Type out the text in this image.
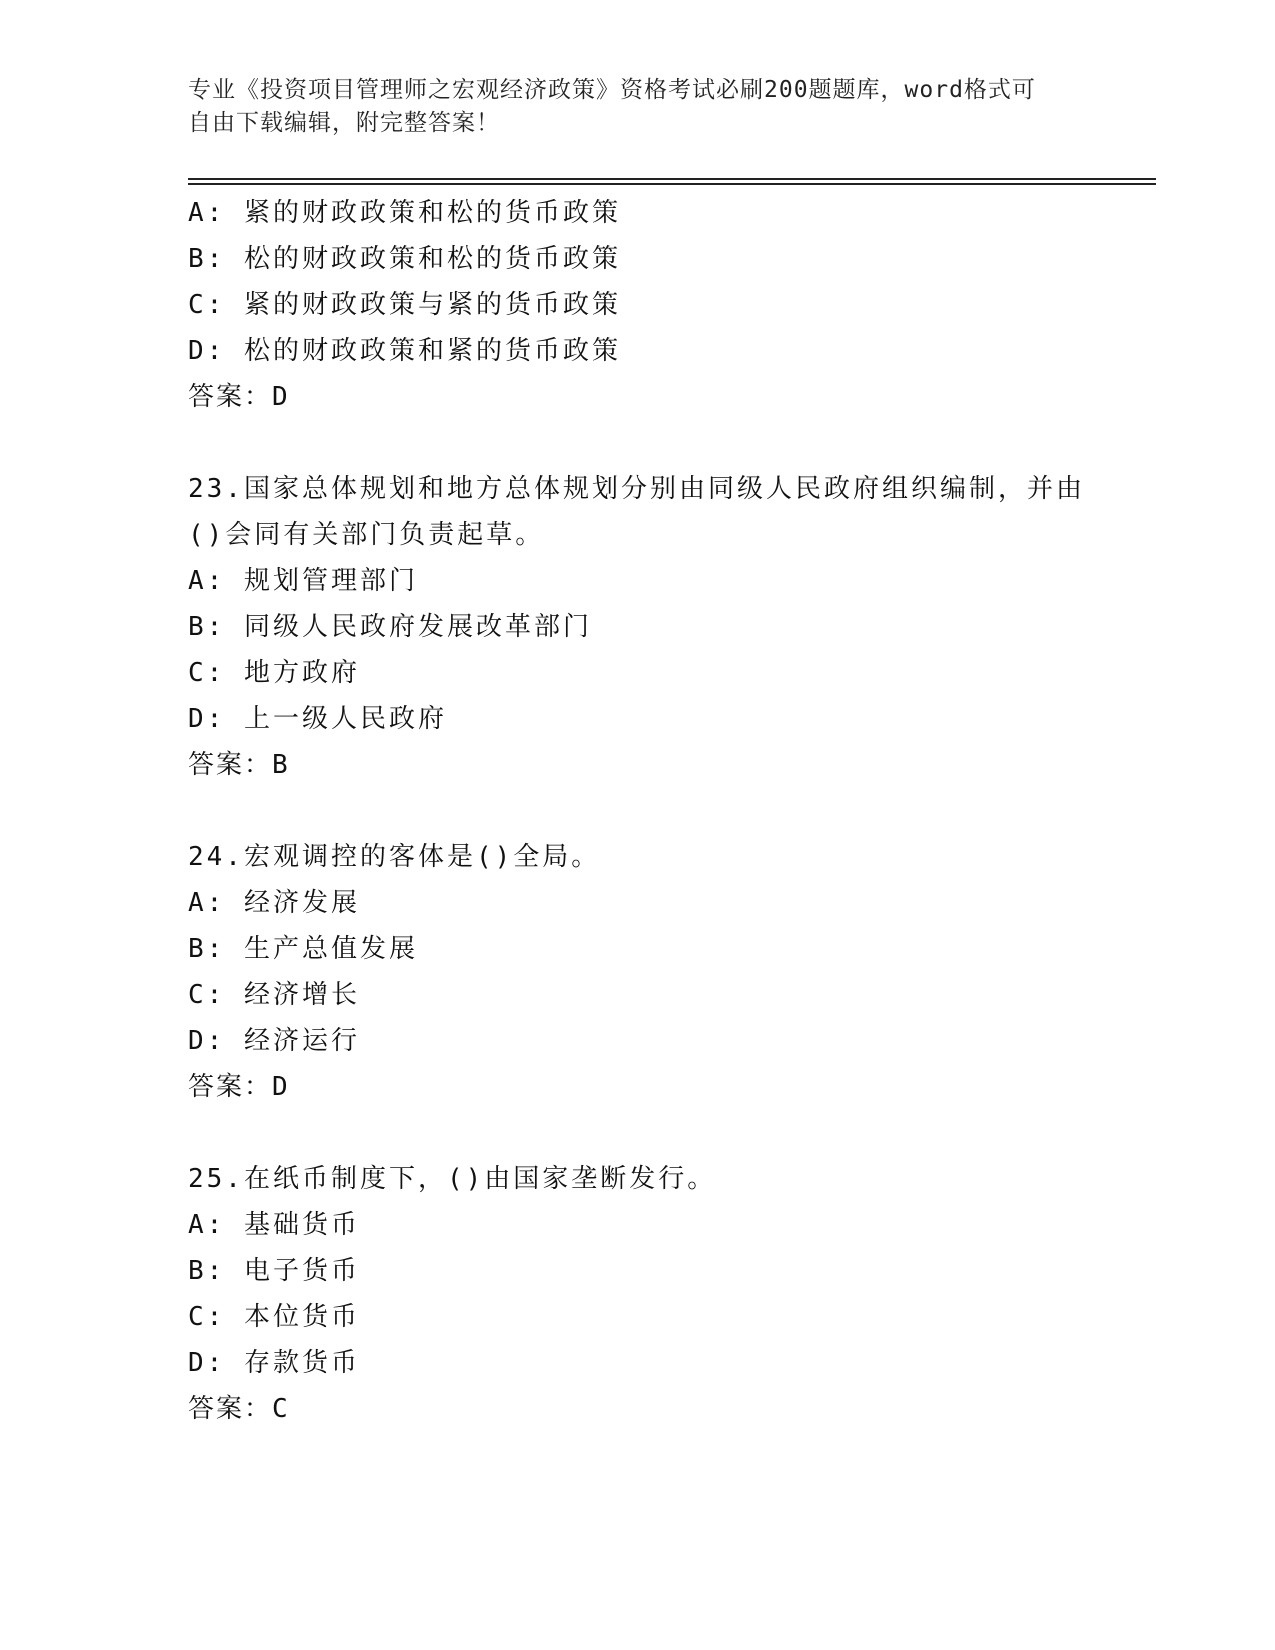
专业《投资项目管理师之宏观经济政策》资格考试必刷200题题库，word格式可
自由下载编辑，附完整答案！
A: 紧的财政政策和松的货币政策
B: 松的财政政策和松的货币政策
C: 紧的财政政策与紧的货币政策
D: 松的财政政策和紧的货币政策
答案：D
23.国家总体规划和地方总体规划分别由同级人民政府组织编制，并由
()会同有关部门负责起草。
A: 规划管理部门
B: 同级人民政府发展改革部门
C: 地方政府
D: 上一级人民政府
答案：B
24.宏观调控的客体是()全局。
A: 经济发展
B: 生产总值发展
C: 经济增长
D: 经济运行
答案：D
25.在纸币制度下，()由国家垄断发行。
A: 基础货币
B: 电子货币
C: 本位货币
D: 存款货币
答案：C
